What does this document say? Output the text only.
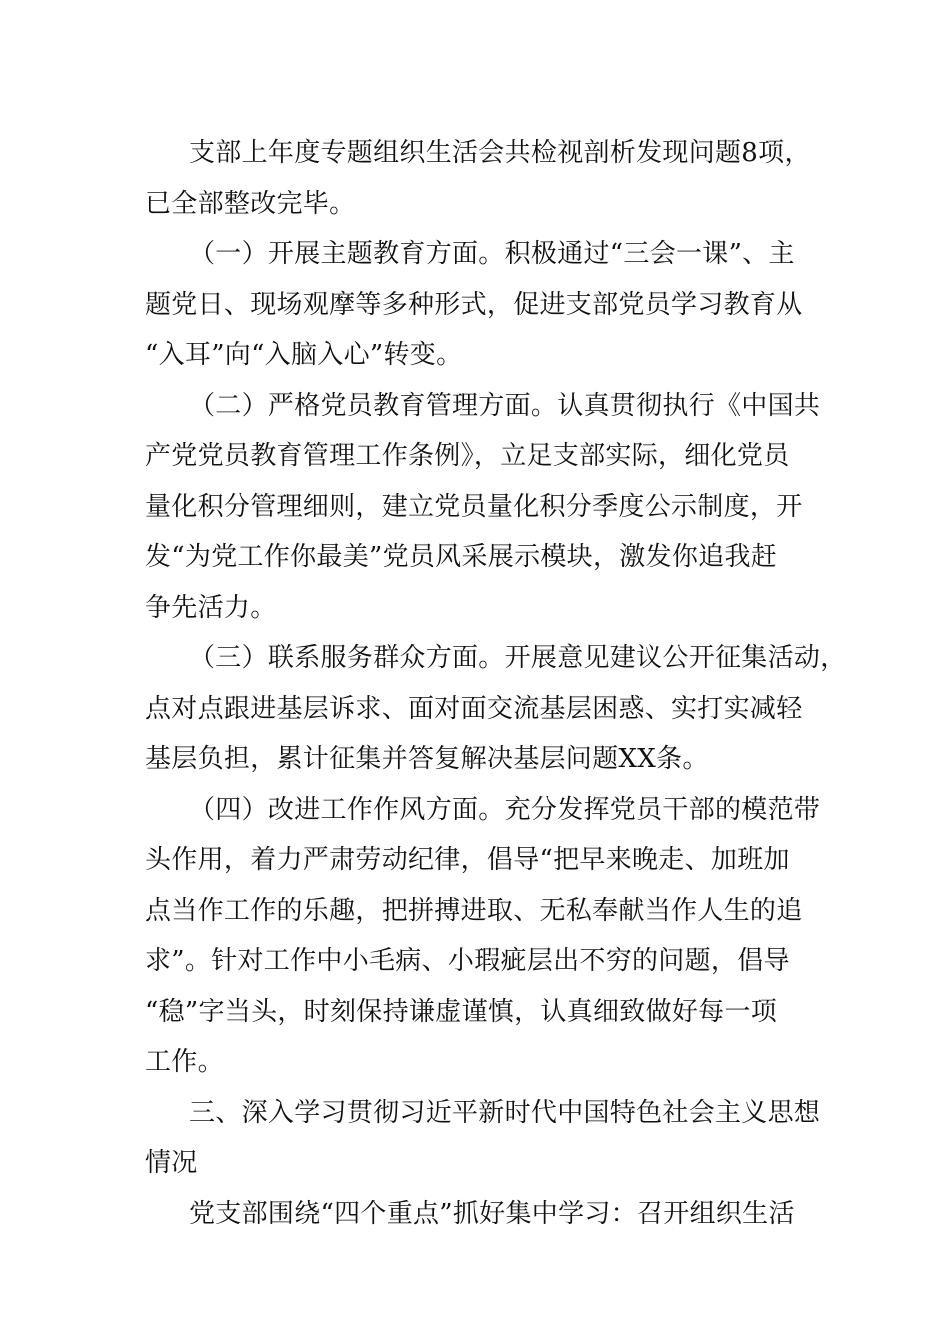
支部上年度专题组织生活会共检视剖析发现问题8项，
已全部整改完毕。
（一）开展主题教育方面。积极通过“三会一课”、主
题党日、现场观摩等多种形式，促进支部党员学习教育从
“入耳”向“入脑入心”转变。
（二）严格党员教育管理方面。认真贯彻执行《中国共
产党党员教育管理工作条例》，立足支部实际，细化党员
量化积分管理细则，建立党员量化积分季度公示制度，开
发“为党工作你最美”党员风采展示模块，激发你追我赶
争先活力。
（三）联系服务群众方面。开展意见建议公开征集活动，
点对点跟进基层诉求、面对面交流基层困惑、实打实减轻
基层负担，累计征集并答复解决基层问题XX条。
（四）改进工作作风方面。充分发挥党员干部的模范带
头作用，着力严肃劳动纪律，倡导“把早来晚走、加班加
点当作工作的乐趣，把拼搏进取、无私奉献当作人生的追
求”。针对工作中小毛病、小瑕疵层出不穷的问题，倡导
“稳”字当头，时刻保持谦虚谨慎，认真细致做好每一项
工作。
三、深入学习贯彻习近平新时代中国特色社会主义思想
情况
党支部围绕“四个重点”抓好集中学习：召开组织生活
